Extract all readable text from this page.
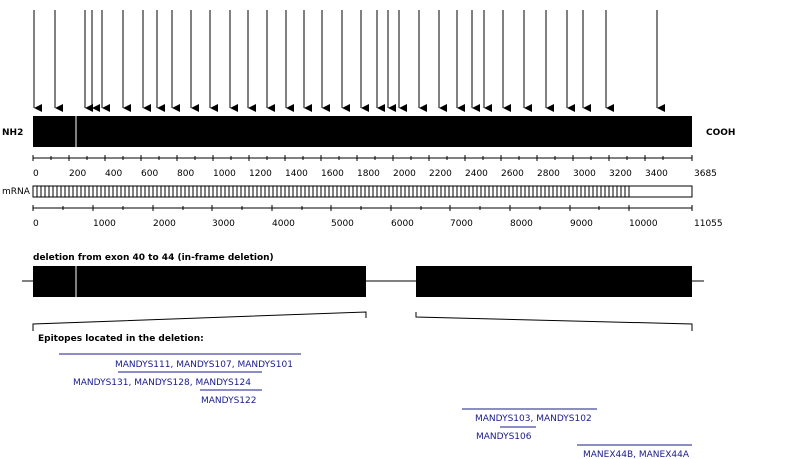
NH2	COOH
0	200 400 600 800 1000 1200 1400 1600 1800 2000 2200 2400 2600 2800 3000 3200 3400	3685
mRNA
0	1000	2000	3000	4000	5000	6000	7000	8000	9000	10000	11055
deletion from exon 40 to 44 (in-frame deletion)
Epitopes located in the deletion:
MANDYS111, MANDYS107, MANDYS101
MANDYS131, MANDYS128, MANDYS124
MANDYS122
MANDYS103, MANDYS102
MANDYS106
MANEX44B, MANEX44A
